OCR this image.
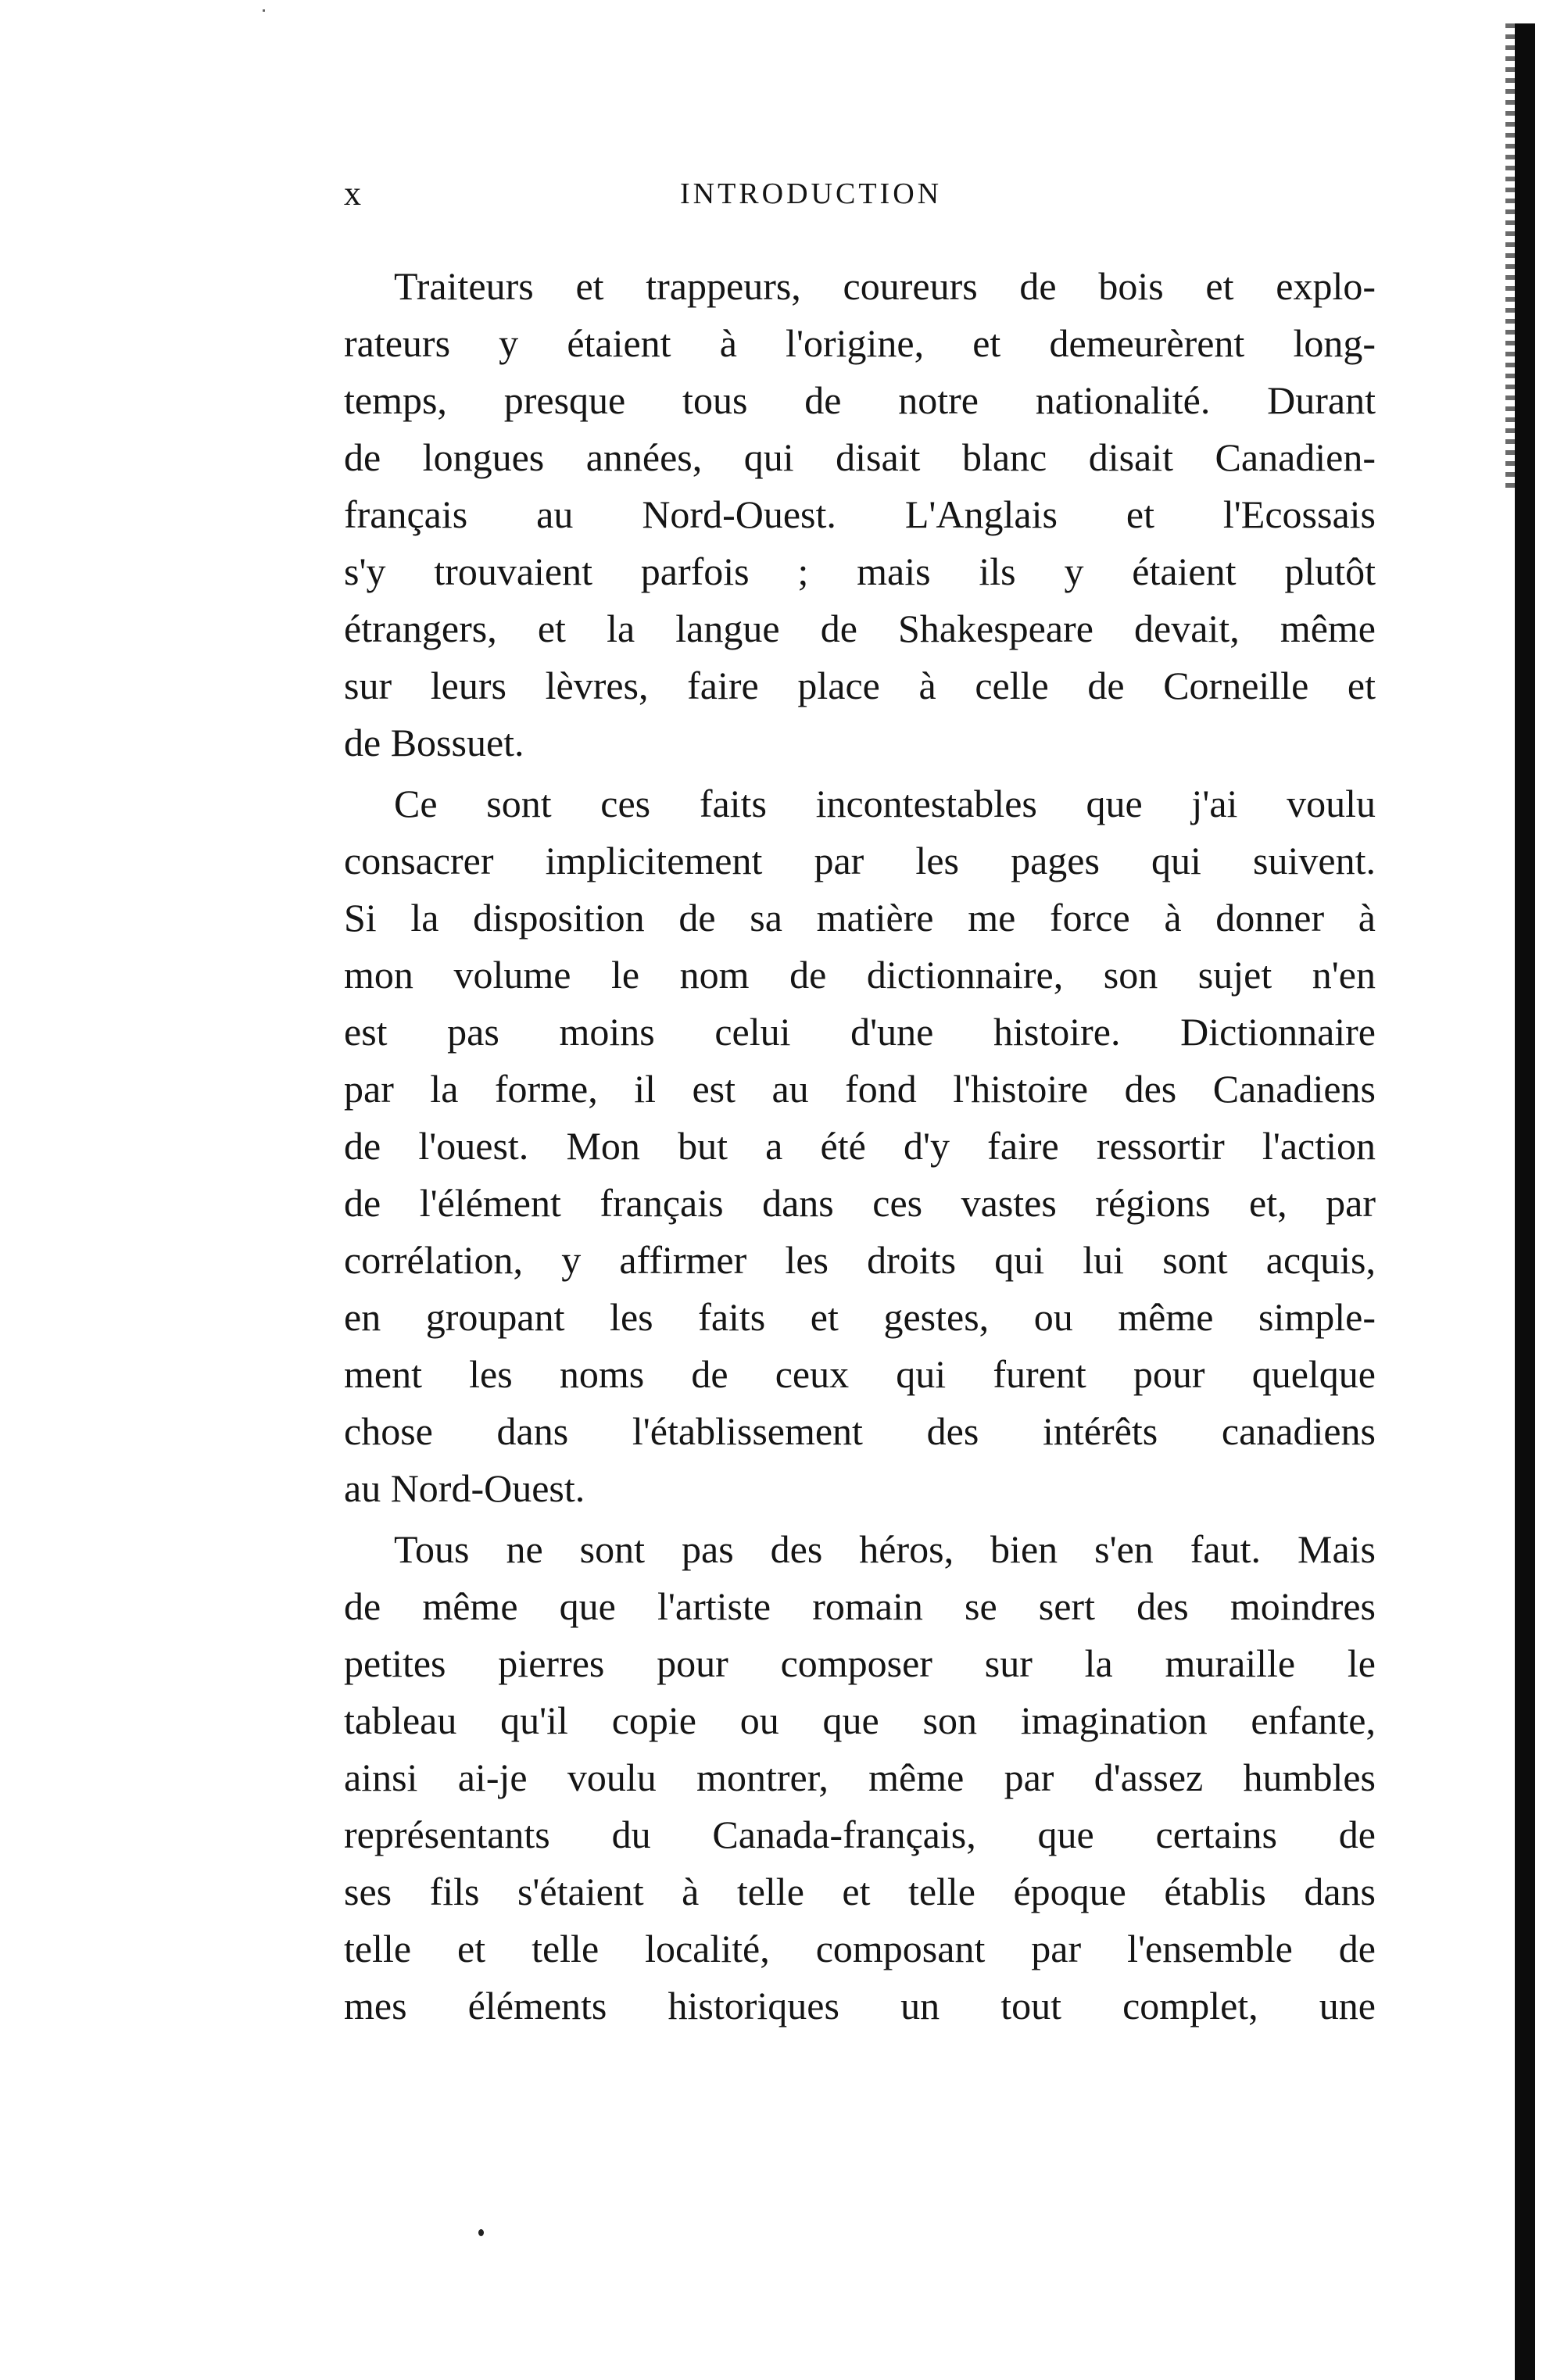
x	INTRODUCTION
Traiteurs et trappeurs, coureurs de bois et explo-
rateurs y étaient à l'origine, et demeurèrent long-
temps, presque tous de notre nationalité. Durant
de longues années, qui disait blanc disait Canadien-
français au Nord-Ouest. L'Anglais et l'Ecossais
s'y trouvaient parfois ; mais ils y étaient plutôt
étrangers, et la langue de Shakespeare devait, même
sur leurs lèvres, faire place à celle de Corneille et
de Bossuet.
Ce sont ces faits incontestables que j'ai voulu
consacrer implicitement par les pages qui suivent.
Si la disposition de sa matière me force à donner à
mon volume le nom de dictionnaire, son sujet n'en
est pas moins celui d'une histoire. Dictionnaire
par la forme, il est au fond l'histoire des Canadiens
de l'ouest. Mon but a été d'y faire ressortir l'action
de l'élément français dans ces vastes régions et, par
corrélation, y affirmer les droits qui lui sont acquis,
en groupant les faits et gestes, ou même simple-
ment les noms de ceux qui furent pour quelque
chose dans l'établissement des intérêts canadiens
au Nord-Ouest.
Tous ne sont pas des héros, bien s'en faut. Mais
de même que l'artiste romain se sert des moindres
petites pierres pour composer sur la muraille le
tableau qu'il copie ou que son imagination enfante,
ainsi ai-je voulu montrer, même par d'assez humbles
représentants du Canada-français, que certains de
ses fils s'étaient à telle et telle époque établis dans
telle et telle localité, composant par l'ensemble de
mes éléments historiques un tout complet, une
